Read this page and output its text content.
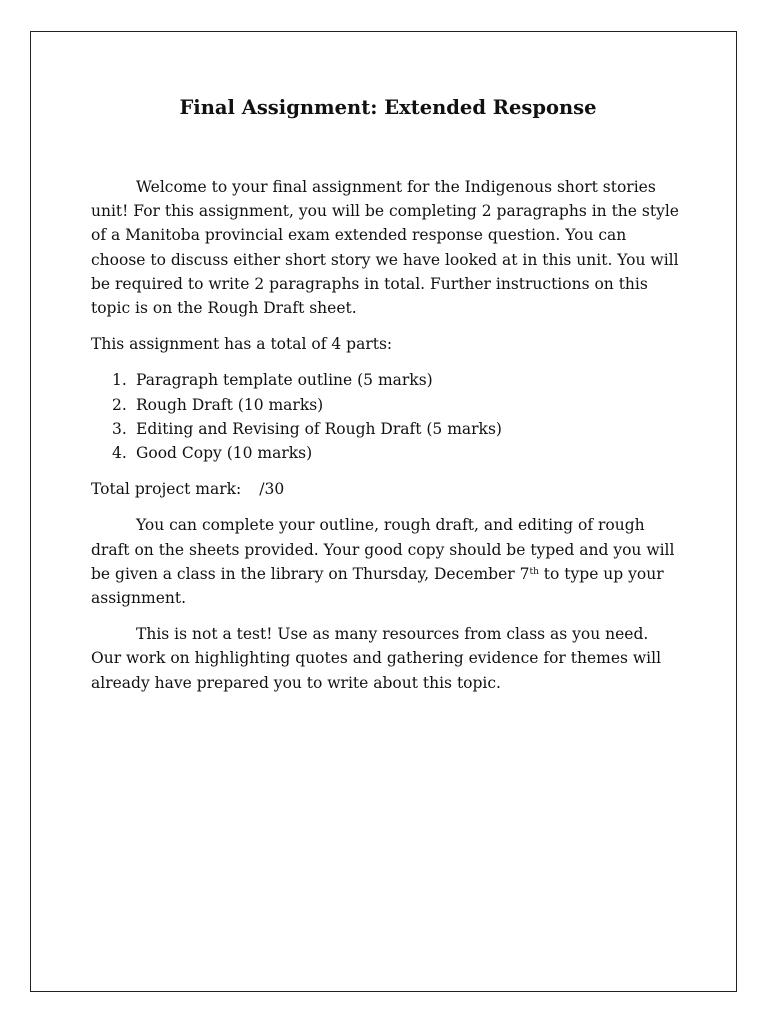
Final Assignment: Extended Response

Welcome to your final assignment for the Indigenous short stories unit! For this assignment, you will be completing 2 paragraphs in the style of a Manitoba provincial exam extended response question. You can choose to discuss either short story we have looked at in this unit. You will be required to write 2 paragraphs in total. Further instructions on this topic is on the Rough Draft sheet.

This assignment has a total of 4 parts:

1. Paragraph template outline (5 marks)
2. Rough Draft (10 marks)
3. Editing and Revising of Rough Draft (5 marks)
4. Good Copy (10 marks)

Total project mark: /30

You can complete your outline, rough draft, and editing of rough draft on the sheets provided. Your good copy should be typed and you will be given a class in the library on Thursday, December 7th to type up your assignment.

This is not a test! Use as many resources from class as you need. Our work on highlighting quotes and gathering evidence for themes will already have prepared you to write about this topic.
